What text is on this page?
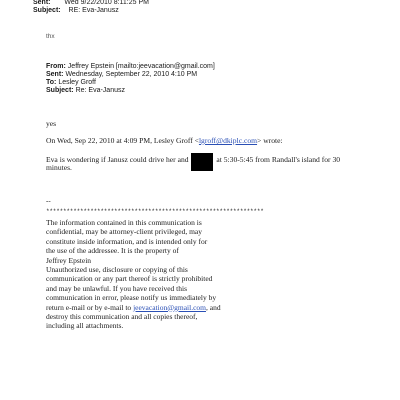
Sent: Wed 9/22/2010 8:11:25 PM
Subject: RE: Eva-Janusz
thx
From: Jeffrey Epstein [mailto:jeevacation@gmail.com]
Sent: Wednesday, September 22, 2010 4:10 PM
To: Lesley Groff
Subject: Re: Eva-Janusz
yes
On Wed, Sep 22, 2010 at 4:09 PM, Lesley Groff <lgroff@dkiplc.com> wrote:
Eva is wondering if Janusz could drive her and	at 5:30-5:45 from Randall's island for 30
minutes.
--
****************************************************************
The information contained in this communication is
confidential, may be attorney-client privileged, may
constitute inside information, and is intended only for
the use of the addressee. It is the property of
Jeffrey Epstein
Unauthorized use, disclosure or copying of this
communication or any part thereof is strictly prohibited
and may be unlawful. If you have received this
communication in error, please notify us immediately by
return e-mail or by e-mail to jeevacation@gmail.com, and
destroy this communication and all copies thereof,
including all attachments.
